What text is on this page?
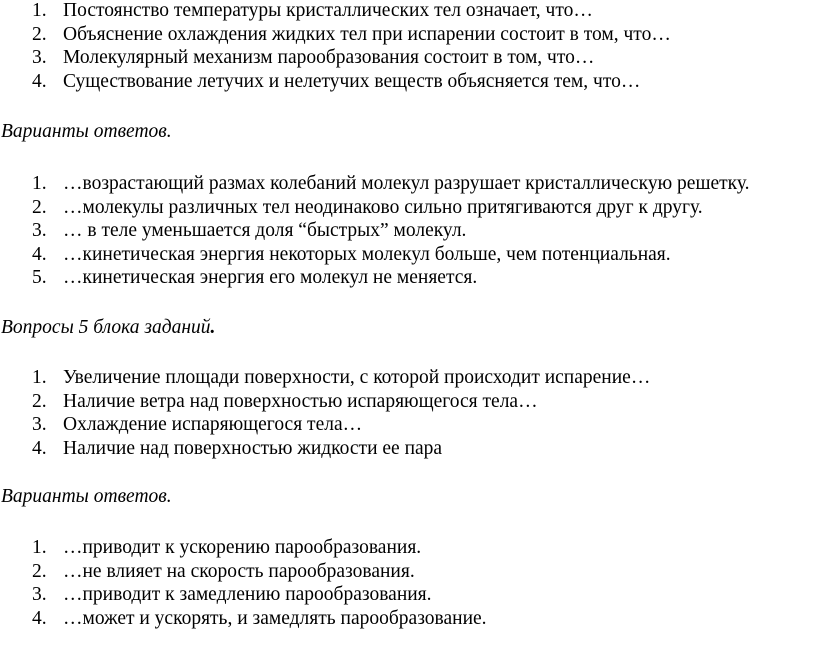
1. Постоянство температуры кристаллических тел означает, что…
2. Объяснение охлаждения жидких тел при испарении состоит в том, что…
3. Молекулярный механизм парообразования состоит в том, что…
4. Существование летучих и нелетучих веществ объясняется тем, что…
Варианты ответов.
1. …возрастающий размах колебаний молекул разрушает кристаллическую решетку.
2. …молекулы различных тел неодинаково сильно притягиваются друг к другу.
3. … в теле уменьшается доля “быстрых” молекул.
4. …кинетическая энергия некоторых молекул больше, чем потенциальная.
5. …кинетическая энергия его молекул не меняется.
Вопросы 5 блока заданий.
1. Увеличение площади поверхности, с которой происходит испарение…
2. Наличие ветра над поверхностью испаряющегося тела…
3. Охлаждение испаряющегося тела…
4. Наличие над поверхностью жидкости ее пара
Варианты ответов.
1. …приводит к ускорению парообразования.
2. …не влияет на скорость парообразования.
3. …приводит к замедлению парообразования.
4. …может и ускорять, и замедлять парообразование.
